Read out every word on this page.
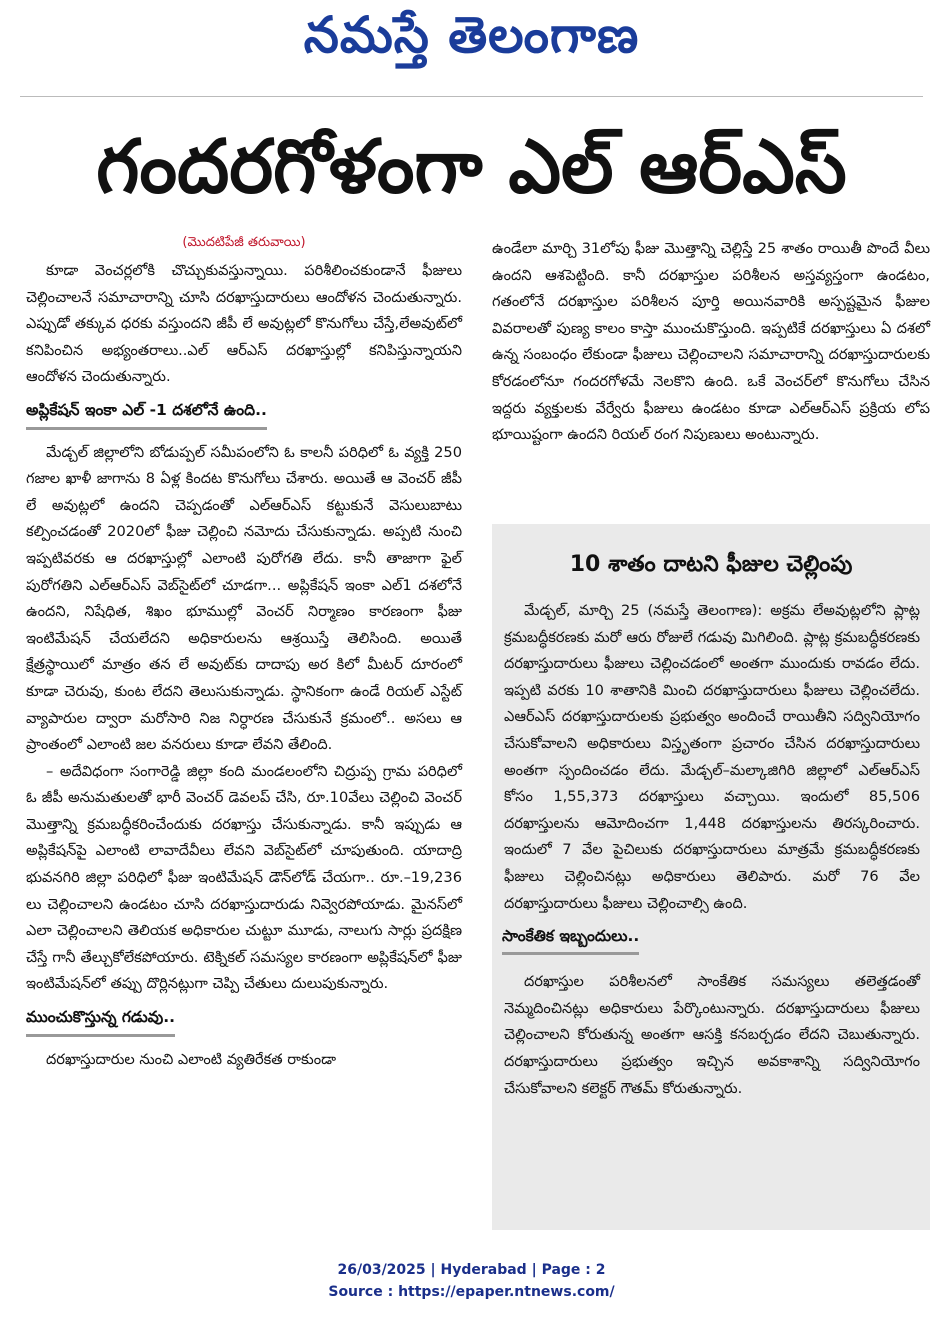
నమస్తే తెలంగాణ
గందరగోళంగా ఎల్ ఆర్ఎస్

(మొదటిపేజీ తరువాయి)

కూడా వెంచర్లలోకి చొచ్చుకువస్తున్నాయి. పరిశీలించకుండానే ఫీజులు చెల్లించాలనే సమాచారాన్ని చూసి దరఖాస్తుదారులు ఆందోళన చెందుతున్నారు. ఎప్పుడో తక్కువ ధరకు వస్తుందని జీపీ లే అవుట్లలో కొనుగోలు చేస్తే,లేఅవుట్‌లో కనిపించిన అభ్యంతరాలు..ఎల్ ఆర్ఎస్ దరఖాస్తుల్లో కనిపిస్తున్నాయని ఆందోళన చెందుతున్నారు.

అప్లికేషన్ ఇంకా ఎల్ -1 దశలోనే ఉంది..

మేడ్చల్ జిల్లాలోని బోడుప్పల్ సమీపంలోని ఓ కాలనీ పరిధిలో ఓ వ్యక్తి 250 గజాల ఖాళీ జాగాను 8 ఏళ్ల కిందట కొనుగోలు చేశారు. అయితే ఆ వెంచర్ జీపీ లే అవుట్లలో ఉందని చెప్పడంతో ఎల్ఆర్ఎస్ కట్టుకునే వెసులుబాటు కల్పించడంతో 2020లో ఫీజు చెల్లించి నమోదు చేసుకున్నాడు. అప్పటి నుంచి ఇప్పటివరకు ఆ దరఖాస్తుల్లో ఎలాంటి పురోగతి లేదు. కానీ తాజాగా ఫైల్ పురోగతిని ఎల్ఆర్ఎస్ వెబ్‌సైట్‌లో చూడగా... అప్లికేషన్ ఇంకా ఎల్1 దశలోనే ఉందని, నిషేధిత, శిఖం భూముల్లో వెంచర్ నిర్మాణం కారణంగా ఫీజు ఇంటిమేషన్ చేయలేదని అధికారులను ఆశ్రయిస్తే తెలిసింది. అయితే క్షేత్రస్థాయిలో మాత్రం తన లే అవుట్‌కు దాదాపు అర కిలో మీటర్ దూరంలో కూడా చెరువు, కుంట లేదని తెలుసుకున్నాడు. స్థానికంగా ఉండే రియల్ ఎస్టేట్ వ్యాపారుల ద్వారా మరోసారి నిజ నిర్ధారణ చేసుకునే క్రమంలో.. అసలు ఆ ప్రాంతంలో ఎలాంటి జల వనరులు కూడా లేవని తేలింది.

– అదేవిధంగా సంగారెడ్డి జిల్లా కంది మండలంలోని చిద్రుప్ప గ్రామ పరిధిలో ఓ జీపీ అనుమతులతో భారీ వెంచర్ డెవలప్ చేసి, రూ.10వేలు చెల్లించి వెంచర్ మొత్తాన్ని క్రమబద్ధీకరించేందుకు దరఖాస్తు చేసుకున్నాడు. కానీ ఇప్పుడు ఆ అప్లికేషన్‌పై ఎలాంటి లావాదేవీలు లేవని వెబ్‌సైట్‌లో చూపుతుంది. యాదాద్రి భువనగిరి జిల్లా పరిధిలో ఫీజు ఇంటిమేషన్ డౌన్‌లోడ్ చేయగా.. రూ.–19,236 లు చెల్లించాలని ఉండటం చూసి దరఖాస్తుదారుడు నివ్వెరపోయాడు. మైనస్‌లో ఎలా చెల్లించాలని తెలియక అధికారుల చుట్టూ మూడు, నాలుగు సార్లు ప్రదక్షిణ చేస్తే గానీ తేల్చుకోలేకపోయారు. టెక్నికల్ సమస్యల కారణంగా అప్లికేషన్‌లో ఫీజు ఇంటిమేషన్‌లో తప్పు దొర్లినట్లుగా చెప్పి చేతులు దులుపుకున్నారు.

ముంచుకొస్తున్న గడువు..

దరఖాస్తుదారుల నుంచి ఎలాంటి వ్యతిరేకత రాకుండా

ఉండేలా మార్చి 31లోపు ఫీజు మొత్తాన్ని చెల్లిస్తే 25 శాతం రాయితీ పొందే వీలు ఉందని ఆశపెట్టింది. కానీ దరఖాస్తుల పరిశీలన అస్తవ్యస్తంగా ఉండటం, గతంలోనే దరఖాస్తుల పరిశీలన పూర్తి అయినవారికి అస్పష్టమైన ఫీజుల వివరాలతో పుణ్య కాలం కాస్తా ముంచుకొస్తుంది. ఇప్పటికే దరఖాస్తులు ఏ దశలో ఉన్న సంబంధం లేకుండా ఫీజులు చెల్లించాలని సమాచారాన్ని దరఖాస్తుదారులకు కోరడంలోనూ గందరగోళమే నెలకొని ఉంది. ఒకే వెంచర్‌లో కొనుగోలు చేసిన ఇద్దరు వ్యక్తులకు వేర్వేరు ఫీజులు ఉండటం కూడా ఎల్ఆర్ఎస్ ప్రక్రియ లోప భూయిష్టంగా ఉందని రియల్ రంగ నిపుణులు అంటున్నారు.

10 శాతం దాటని ఫీజుల చెల్లింపు

మేడ్చల్, మార్చి 25 (నమస్తే తెలంగాణ): అక్రమ లేఅవుట్లలోని ప్లాట్ల క్రమబద్ధీకరణకు మరో ఆరు రోజులే గడువు మిగిలింది. ప్లాట్ల క్రమబద్ధీకరణకు దరఖాస్తుదారులు ఫీజులు చెల్లించడంలో అంతగా ముందుకు రావడం లేదు. ఇప్పటి వరకు 10 శాతానికి మించి దరఖాస్తుదారులు ఫీజులు చెల్లించలేదు. ఎఆర్ఎస్ దరఖాస్తుదారులకు ప్రభుత్వం అందించే రాయితీని సద్వినియోగం చేసుకోవాలని అధికారులు విస్తృతంగా ప్రచారం చేసిన దరఖాస్తుదారులు అంతగా స్పందించడం లేదు. మేడ్చల్–మల్కాజిగిరి జిల్లాలో ఎల్ఆర్ఎస్ కోసం 1,55,373 దరఖాస్తులు వచ్చాయి. ఇందులో 85,506 దరఖాస్తులను ఆమోదించగా 1,448 దరఖాస్తులను తిరస్కరించారు. ఇందులో 7 వేల పైచిలుకు దరఖాస్తుదారులు మాత్రమే క్రమబద్ధీకరణకు ఫీజులు చెల్లించినట్లు అధికారులు తెలిపారు. మరో 76 వేల దరఖాస్తుదారులు ఫీజులు చెల్లించాల్సి ఉంది.

సాంకేతిక ఇబ్బందులు..

దరఖాస్తుల పరిశీలనలో సాంకేతిక సమస్యలు తలెత్తడంతో నెమ్మదించినట్లు అధికారులు పేర్కొంటున్నారు. దరఖాస్తుదారులు ఫీజులు చెల్లించాలని కోరుతున్న అంతగా ఆసక్తి కనబర్చడం లేదని చెబుతున్నారు. దరఖాస్తుదారులు ప్రభుత్వం ఇచ్చిన అవకాశాన్ని సద్వినియోగం చేసుకోవాలని కలెక్టర్ గౌతమ్ కోరుతున్నారు.

26/03/2025 | Hyderabad | Page : 2
Source : https://epaper.ntnews.com/
